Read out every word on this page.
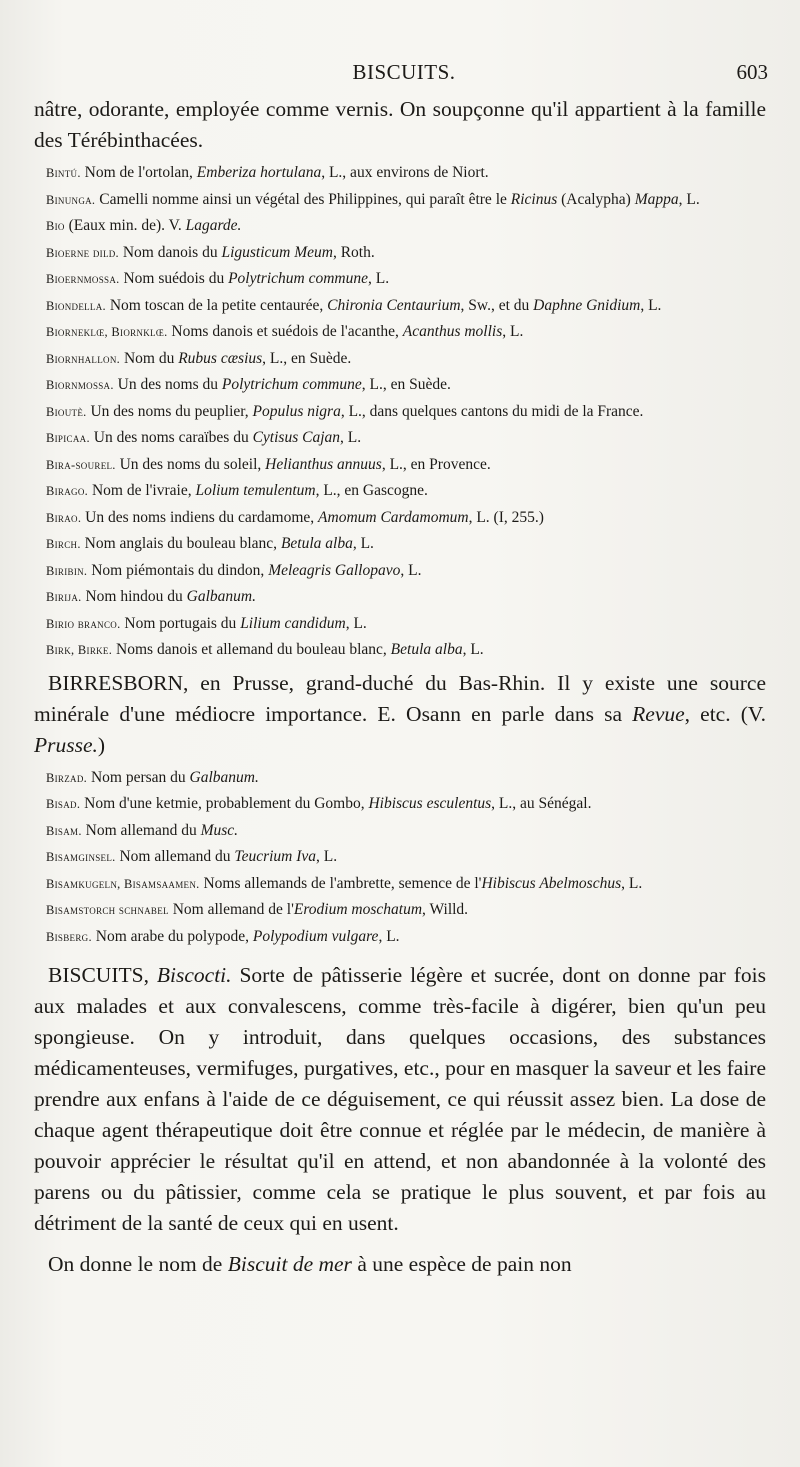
BISCUITS.	603

nâtre, odorante, employée comme vernis. On soupçonne qu'il appartient à la famille des Térébinthacées.

Bintú. Nom de l'ortolan, Emberiza hortulana, L., aux environs de Niort.
Binunga. Camelli nomme ainsi un végétal des Philippines, qui paraît être le Ricinus (Acalypha) Mappa, L.
Bio (Eaux min. de). V. Lagarde.
Bioerne dild. Nom danois du Ligusticum Meum, Roth.
Bioernmossa. Nom suédois du Polytrichum commune, L.
Biondella. Nom toscan de la petite centaurée, Chironia Centaurium, Sw., et du Daphne Gnidium, L.
Biorneklœ, Biornklœ. Noms danois et suédois de l'acanthe, Acanthus mollis, L.
Biornhallon. Nom du Rubus cæsius, L., en Suède.
Biornmossa. Un des noms du Polytrichum commune, L., en Suède.
Bioutè. Un des noms du peuplier, Populus nigra, L., dans quelques cantons du midi de la France.
Bipicaa. Un des noms caraïbes du Cytisus Cajan, L.
Bira-sourel. Un des noms du soleil, Helianthus annuus, L., en Provence.
Birago. Nom de l'ivraie, Lolium temulentum, L., en Gascogne.
Birao. Un des noms indiens du cardamome, Amomum Cardamomum, L. (I, 255.)
Birch. Nom anglais du bouleau blanc, Betula alba, L.
Biribin. Nom piémontais du dindon, Meleagris Gallopavo, L.
Birija. Nom hindou du Galbanum.
Birio branco. Nom portugais du Lilium candidum, L.
Birk, Birke. Noms danois et allemand du bouleau blanc, Betula alba, L.

BIRRESBORN, en Prusse, grand-duché du Bas-Rhin. Il y existe une source minérale d'une médiocre importance. E. Osann en parle dans sa Revue, etc. (V. Prusse.)

Birzad. Nom persan du Galbanum.
Bisad. Nom d'une ketmie, probablement du Gombo, Hibiscus esculentus, L., au Sénégal.
Bisam. Nom allemand du Musc.
Bisamginsel. Nom allemand du Teucrium Iva, L.
Bisamkugeln, Bisamsaamen. Noms allemands de l'ambrette, semence de l'Hibiscus Abelmoschus, L.
Bisamstorch schnabel Nom allemand de l'Erodium moschatum, Willd.
Bisberg. Nom arabe du polypode, Polypodium vulgare, L.

BISCUITS, Biscocti. Sorte de pâtisserie légère et sucrée, dont on donne par fois aux malades et aux convalescens, comme très-facile à digérer, bien qu'un peu spongieuse. On y introduit, dans quelques occasions, des substances médicamenteuses, vermifuges, purgatives, etc., pour en masquer la saveur et les faire prendre aux enfans à l'aide de ce déguisement, ce qui réussit assez bien. La dose de chaque agent thérapeutique doit être connue et réglée par le médecin, de manière à pouvoir apprécier le résultat qu'il en attend, et non abandonnée à la volonté des parens ou du pâtissier, comme cela se pratique le plus souvent, et par fois au détriment de la santé de ceux qui en usent.

On donne le nom de Biscuit de mer à une espèce de pain non
